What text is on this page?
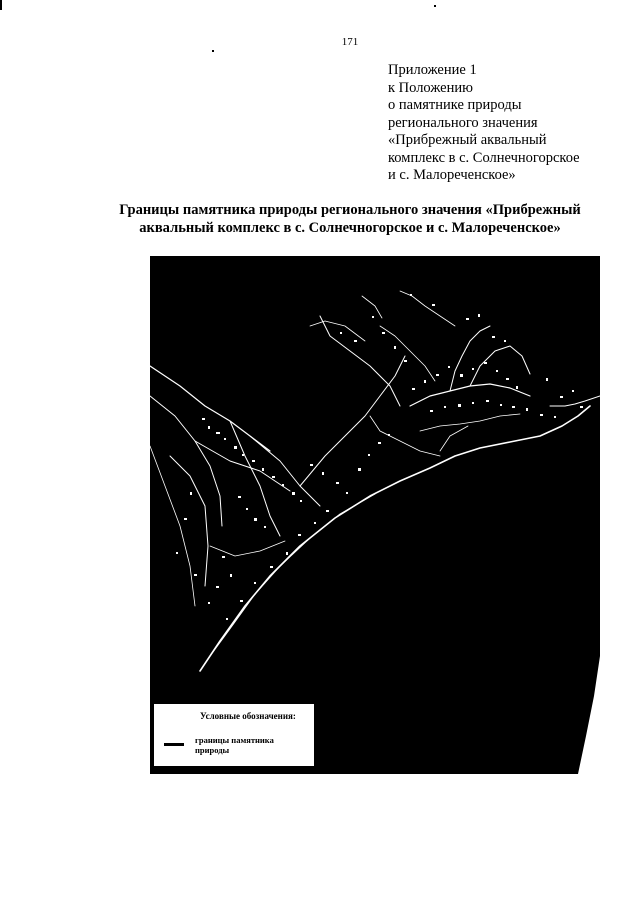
171
Приложение 1
к Положению
о памятнике природы
регионального значения
«Прибрежный аквальный
комплекс в с. Солнечногорское
и с. Малореченское»
Границы памятника природы регионального значения «Прибрежный
аквальный комплекс в с. Солнечногорское и с. Малореченское»
Условные обозначения:
границы памятника
природы
